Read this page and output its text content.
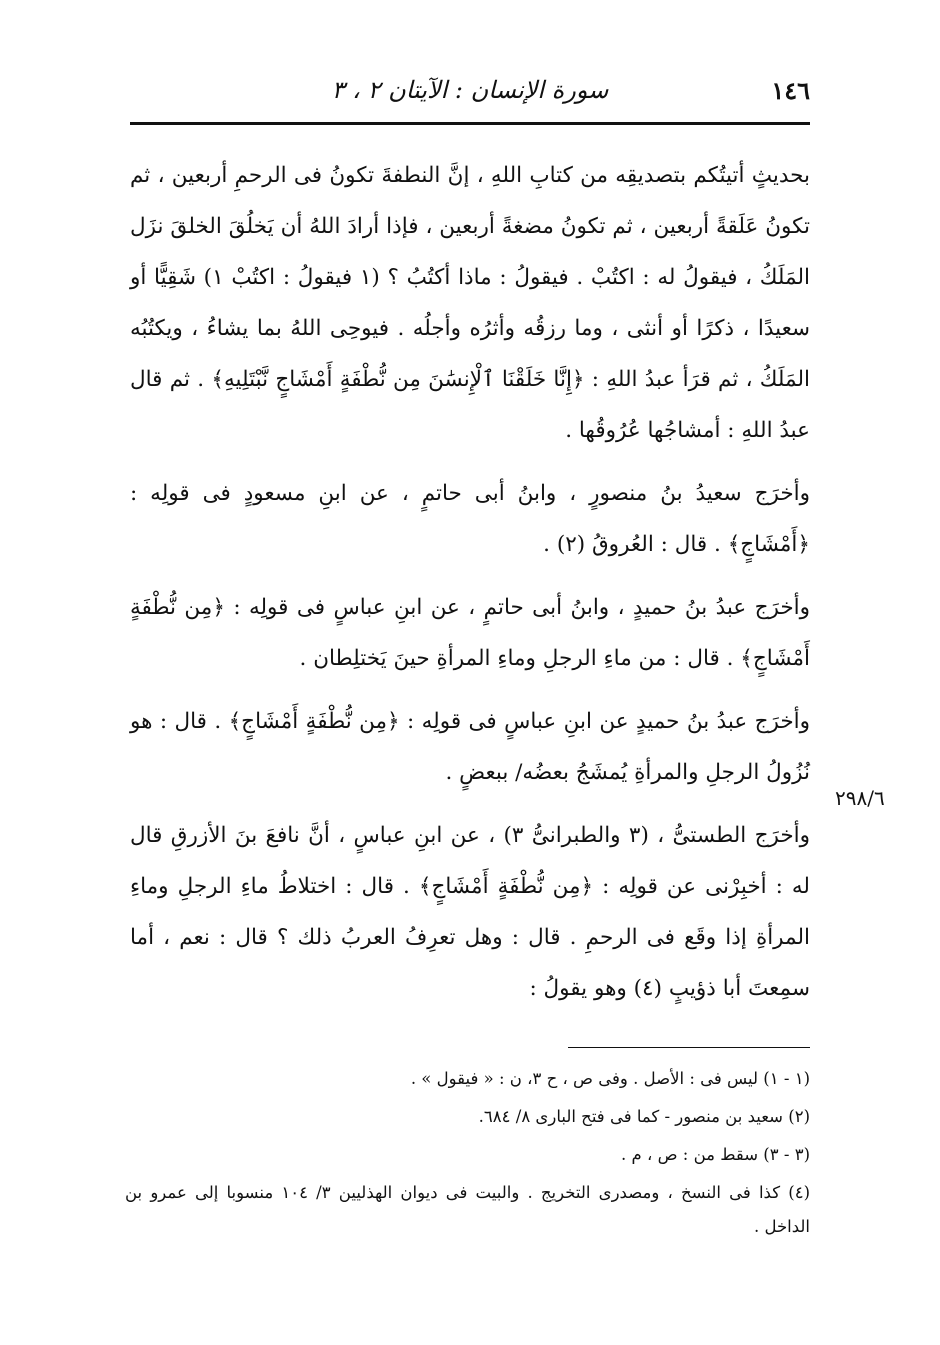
١٤٦
سورة الإنسان : الآيتان ٢ ، ٣

بحديثٍ أتيتُكم بتصديقِه من كتابِ اللهِ ، إنَّ النطفةَ تكونُ فى الرحمِ أربعين ، ثم تكونُ عَلَقةً أربعين ، ثم تكونُ مضغةً أربعين ، فإذا أرادَ اللهُ أن يَخلُقَ الخلقَ نزَل المَلَكُ ، فيقولُ له : اكتُبْ . فيقولُ : ماذا أكتُبُ ؟ (١ فيقولُ : اكتُبْ ١) شَقِيًّا أو سعيدًا ، ذكرًا أو أنثى ، وما رزقُه وأثرُه وأجلُه . فيوحِى اللهُ بما يشاءُ ، ويكتُبُه المَلَكُ ، ثم قرَأ عبدُ اللهِ : ﴿إِنَّا خَلَقْنَا ٱلْإِنسَٰنَ مِن نُّطْفَةٍ أَمْشَاجٍ نَّبْتَلِيهِ﴾ . ثم قال عبدُ اللهِ : أمشاجُها عُرُوقُها .

وأخرَج سعيدُ بنُ منصورٍ ، وابنُ أبى حاتمٍ ، عن ابنِ مسعودٍ فى قولِه : ﴿أَمْشَاجٍ﴾ . قال : العُروقُ (٢) .

وأخرَج عبدُ بنُ حميدٍ ، وابنُ أبى حاتمٍ ، عن ابنِ عباسٍ فى قولِه : ﴿مِن نُّطْفَةٍ أَمْشَاجٍ﴾ . قال : من ماءِ الرجلِ وماءِ المرأةِ حينَ يَختلِطان .

وأخرَج عبدُ بنُ حميدٍ عن ابنِ عباسٍ فى قولِه : ﴿مِن نُّطْفَةٍ أَمْشَاجٍ﴾ . قال : هو نُزُولُ الرجلِ والمرأةِ يُمشَجُ بعضُه/ ببعضٍ .

وأخرَج الطستىُّ ، (٣ والطبرانىُّ ٣) ، عن ابنِ عباسٍ ، أنَّ نافعَ بنَ الأزرقِ قال له : أخبِرْنى عن قولِه : ﴿مِن نُّطْفَةٍ أَمْشَاجٍ﴾ . قال : اختلاطُ ماءِ الرجلِ وماءِ المرأةِ إذا وقَع فى الرحمِ . قال : وهل تعرِفُ العربُ ذلك ؟ قال : نعم ، أما سمِعتَ أبا ذؤيبٍ (٤) وهو يقولُ :

٢٩٨/٦

(١ - ١) ليس فى : الأصل . وفى ص ، ح ٣، ن : « فيقول » .

(٢) سعيد بن منصور - كما فى فتح البارى ٨/ ٦٨٤.

(٣ - ٣) سقط من : ص ، م .

(٤) كذا فى النسخ ، ومصدرى التخريج . والبيت فى ديوان الهذليين ٣/ ١٠٤ منسوبا إلى عمرو بن الداخل .
